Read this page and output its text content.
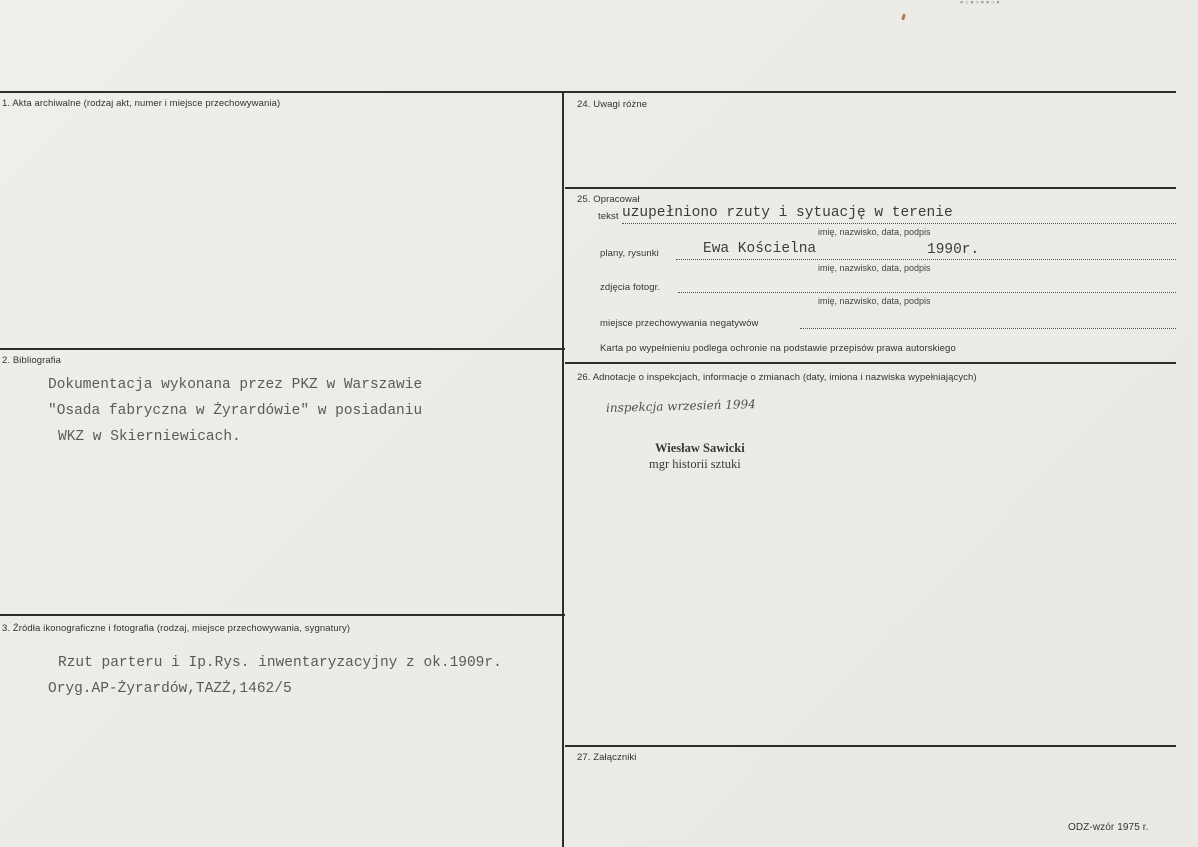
▪▫▪▫▪▪▫▪
1. Akta archiwalne (rodzaj akt, numer i miejsce przechowywania)
2. Bibliografia
Dokumentacja wykonana przez PKZ w Warszawie
"Osada fabryczna w Żyrardówie" w posiadaniu
WKZ w Skierniewicach.
3. Źródła ikonograficzne i fotografia (rodzaj, miejsce przechowywania, sygnatury)
Rzut parteru i Ip.Rys. inwentaryzacyjny z ok.1909r.
Oryg.AP-Żyrardów,TAZŻ,1462/5
24. Uwagi różne
25. Opracował
tekst uzupełniono rzuty i sytuację w terenie
imię, nazwisko, data, podpis
plany, rysunki	Ewa Kościelna	1990r.
imię, nazwisko, data, podpis
zdjęcia fotogr.
imię, nazwisko, data, podpis
miejsce przechowywania negatywów
Karta po wypełnieniu podlega ochronie na podstawie przepisów prawa autorskiego
26. Adnotacje o inspekcjach, informacje o zmianach (daty, imiona i nazwiska wypełniających)
inspekcja wrzesień 1994
Wiesław Sawicki
mgr historii sztuki
27. Załączniki
ODZ-wzór 1975 r.
